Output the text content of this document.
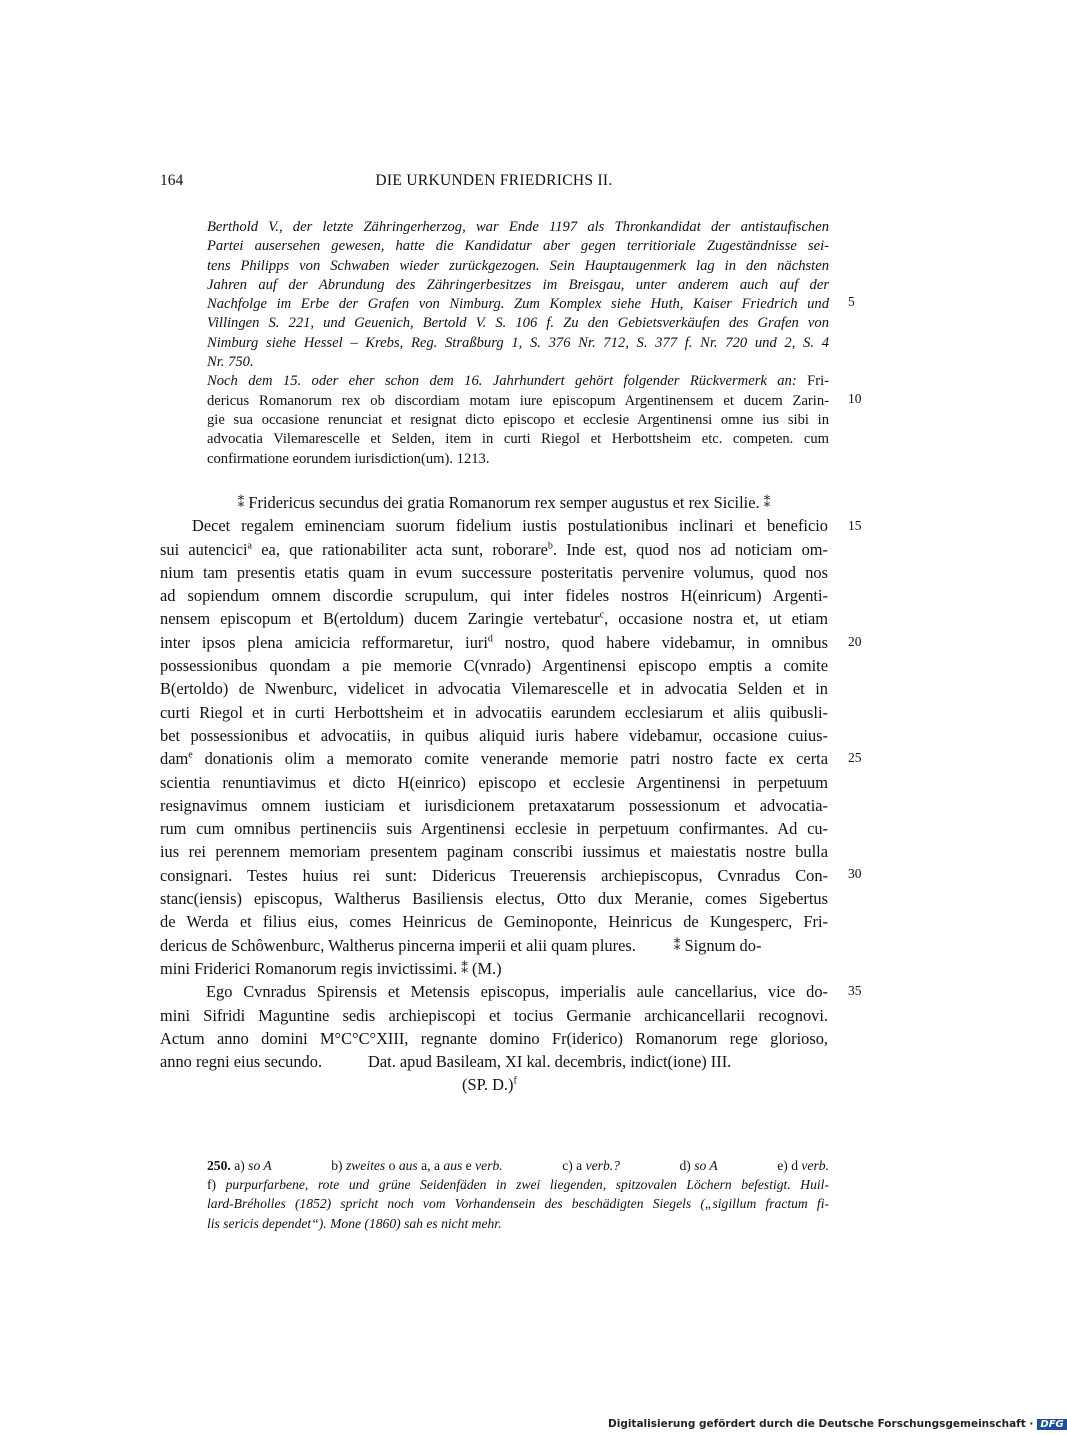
164	DIE URKUNDEN FRIEDRICHS II.
Berthold V., der letzte Zähringerherzog, war Ende 1197 als Thronkandidat der antistaufischen
Partei ausersehen gewesen, hatte die Kandidatur aber gegen territioriale Zugeständnisse sei-
tens Philipps von Schwaben wieder zurückgezogen. Sein Hauptaugenmerk lag in den nächsten
Jahren auf der Abrundung des Zähringerbesitzes im Breisgau, unter anderem auch auf der
Nachfolge im Erbe der Grafen von Nimburg. Zum Komplex siehe Huth, Kaiser Friedrich und
Villingen S. 221, und Geuenich, Bertold V. S. 106 f. Zu den Gebietsverkäufen des Grafen von
Nimburg siehe Hessel – Krebs, Reg. Straßburg 1, S. 376 Nr. 712, S. 377 f. Nr. 720 und 2, S. 4
Nr. 750.
Noch dem 15. oder eher schon dem 16. Jahrhundert gehört folgender Rückvermerk an: Fri-
dericus Romanorum rex ob discordiam motam iure episcopum Argentinensem et ducem Zarin-
gie sua occasione renunciat et resignat dicto episcopo et ecclesie Argentinensi omne ius sibi in
advocatia Vilemarescelle et Selden, item in curti Riegol et Herbottsheim etc. competen. cum
confirmatione eorundem iurisdiction(um). 1213.
⁑ Fridericus secundus dei gratia Romanorum rex semper augustus et rex Sicilie. ⁑
Decet regalem eminenciam suorum fidelium iustis postulationibus inclinari et beneficio
sui autencici$^a$ ea, que rationabiliter acta sunt, roborare$^b$. Inde est, quod nos ad noticiam om-
nium tam presentis etatis quam in evum successure posteritatis pervenire volumus, quod nos
ad sopiendum omnem discordie scrupulum, qui inter fideles nostros H(einricum) Argenti-
nensem episcopum et B(ertoldum) ducem Zaringie vertebatur$^c$, occasione nostra et, ut etiam
inter ipsos plena amicicia refformaretur, iuri$^d$ nostro, quod habere videbamur, in omnibus
possessionibus quondam a pie memorie C(vnrado) Argentinensi episcopo emptis a comite
B(ertoldo) de Nwenburc, videlicet in advocatia Vilemarescelle et in advocatia Selden et in
curti Riegol et in curti Herbottsheim et in advocatiis earundem ecclesiarum et aliis quibusli-
bet possessionibus et advocatiis, in quibus aliquid iuris habere videbamur, occasione cuius-
dam$^e$ donationis olim a memorato comite venerande memorie patri nostro facte ex certa
scientia renuntiavimus et dicto H(einrico) episcopo et ecclesie Argentinensi in perpetuum
resignavimus omnem iusticiam et iurisdicionem pretaxatarum possessionum et advocatia-
rum cum omnibus pertinenciis suis Argentinensi ecclesie in perpetuum confirmantes. Ad cu-
ius rei perennem memoriam presentem paginam conscribi iussimus et maiestatis nostre bulla
consignari. Testes huius rei sunt: Didericus Treuerensis archiepiscopus, Cvnradus Con-
stanc(iensis) episcopus, Waltherus Basiliensis electus, Otto dux Meranie, comes Sigebertus
de Werda et filius eius, comes Heinricus de Geminoponte, Heinricus de Kungesperc, Fri-
dericus de Schôwenburc, Waltherus pincerna imperii et alii quam plures.	⁑ Signum do-
mini Friderici Romanorum regis invictissimi. ⁑ (M.)
Ego Cvnradus Spirensis et Metensis episcopus, imperialis aule cancellarius, vice do-
mini Sifridi Maguntine sedis archiepiscopi et tocius Germanie archicancellarii recognovi.
Actum anno domini M°C°C°XIII, regnante domino Fr(iderico) Romanorum rege glorioso,
anno regni eius secundo.	Dat. apud Basileam, XI kal. decembris, indict(ione) III.
(SP. D.)$^f$
5
10
15
20
25
30
35
250. a) so A	b) zweites o aus a, a aus e verb.	c) a verb.?	d) so A	e) d verb.
f) purpurfarbene, rote und grüne Seidenfäden in zwei liegenden, spitzovalen Löchern befestigt. Huil-
lard-Bréholles (1852) spricht noch vom Vorhandensein des beschädigten Siegels („sigillum fractum fi-
lis sericis dependet“). Mone (1860) sah es nicht mehr.
Digitalisierung gefördert durch die Deutsche Forschungsgemeinschaft · DFG
